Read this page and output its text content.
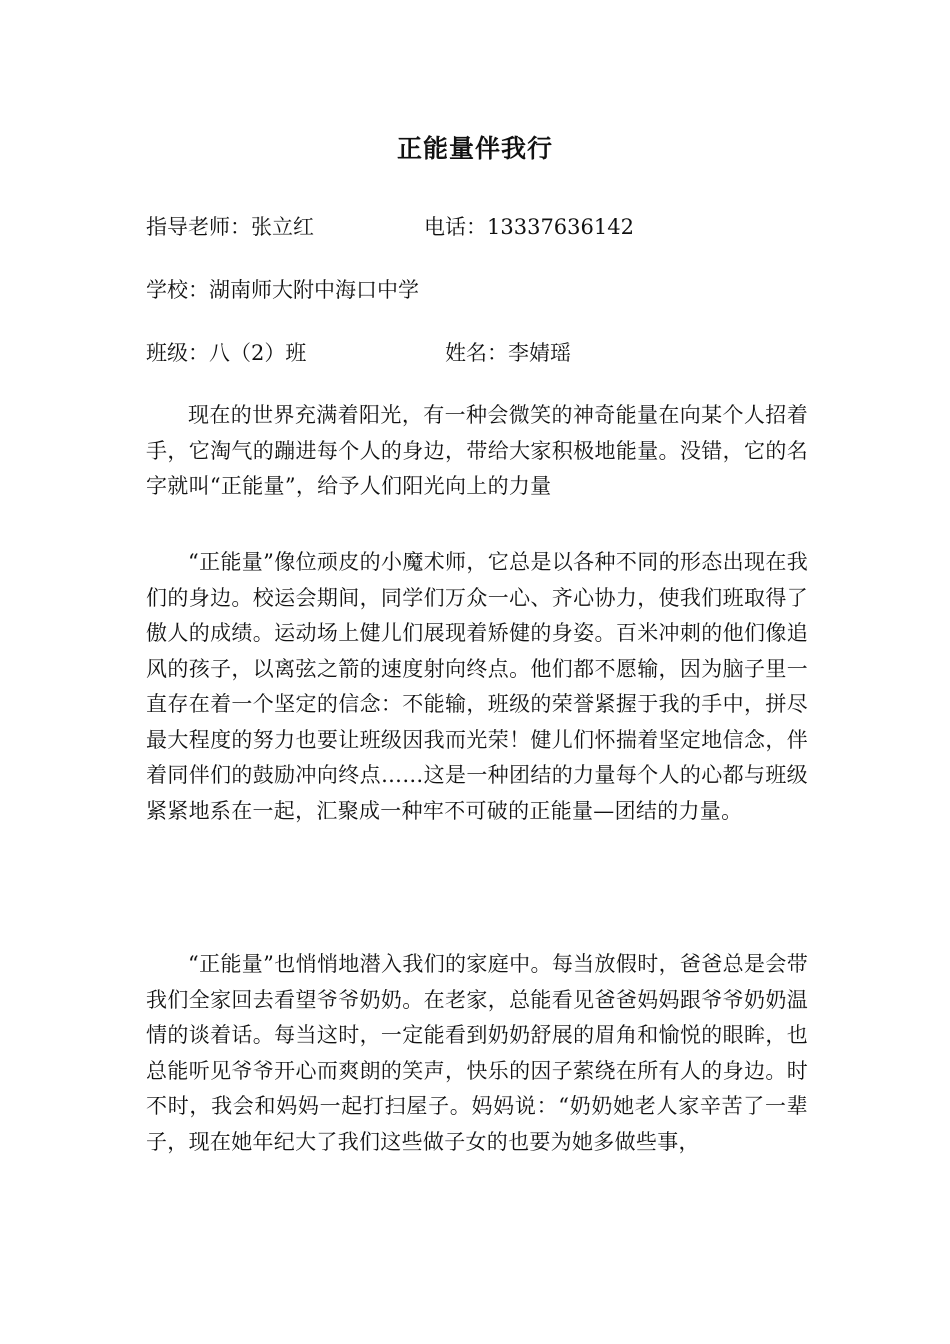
正能量伴我行
指导老师：张立红	电话：13337636142
学校：湖南师大附中海口中学
班级：八（2）班	姓名：李婧瑶

现在的世界充满着阳光，有一种会微笑的神奇能量在向某个人招着手，它淘气的蹦进每个人的身边，带给大家积极地能量。没错，它的名字就叫“正能量”，给予人们阳光向上的力量

“正能量”像位顽皮的小魔术师，它总是以各种不同的形态出现在我们的身边。校运会期间，同学们万众一心、齐心协力，使我们班取得了傲人的成绩。运动场上健儿们展现着矫健的身姿。百米冲刺的他们像追风的孩子，以离弦之箭的速度射向终点。他们都不愿输，因为脑子里一直存在着一个坚定的信念：不能输，班级的荣誉紧握于我的手中，拼尽最大程度的努力也要让班级因我而光荣！健儿们怀揣着坚定地信念，伴着同伴们的鼓励冲向终点……这是一种团结的力量每个人的心都与班级紧紧地系在一起，汇聚成一种牢不可破的正能量—团结的力量。

“正能量”也悄悄地潜入我们的家庭中。每当放假时，爸爸总是会带我们全家回去看望爷爷奶奶。在老家，总能看见爸爸妈妈跟爷爷奶奶温情的谈着话。每当这时，一定能看到奶奶舒展的眉角和愉悦的眼眸，也总能听见爷爷开心而爽朗的笑声，快乐的因子萦绕在所有人的身边。时不时，我会和妈妈一起打扫屋子。妈妈说：“奶奶她老人家辛苦了一辈子，现在她年纪大了我们这些做子女的也要为她多做些事，
